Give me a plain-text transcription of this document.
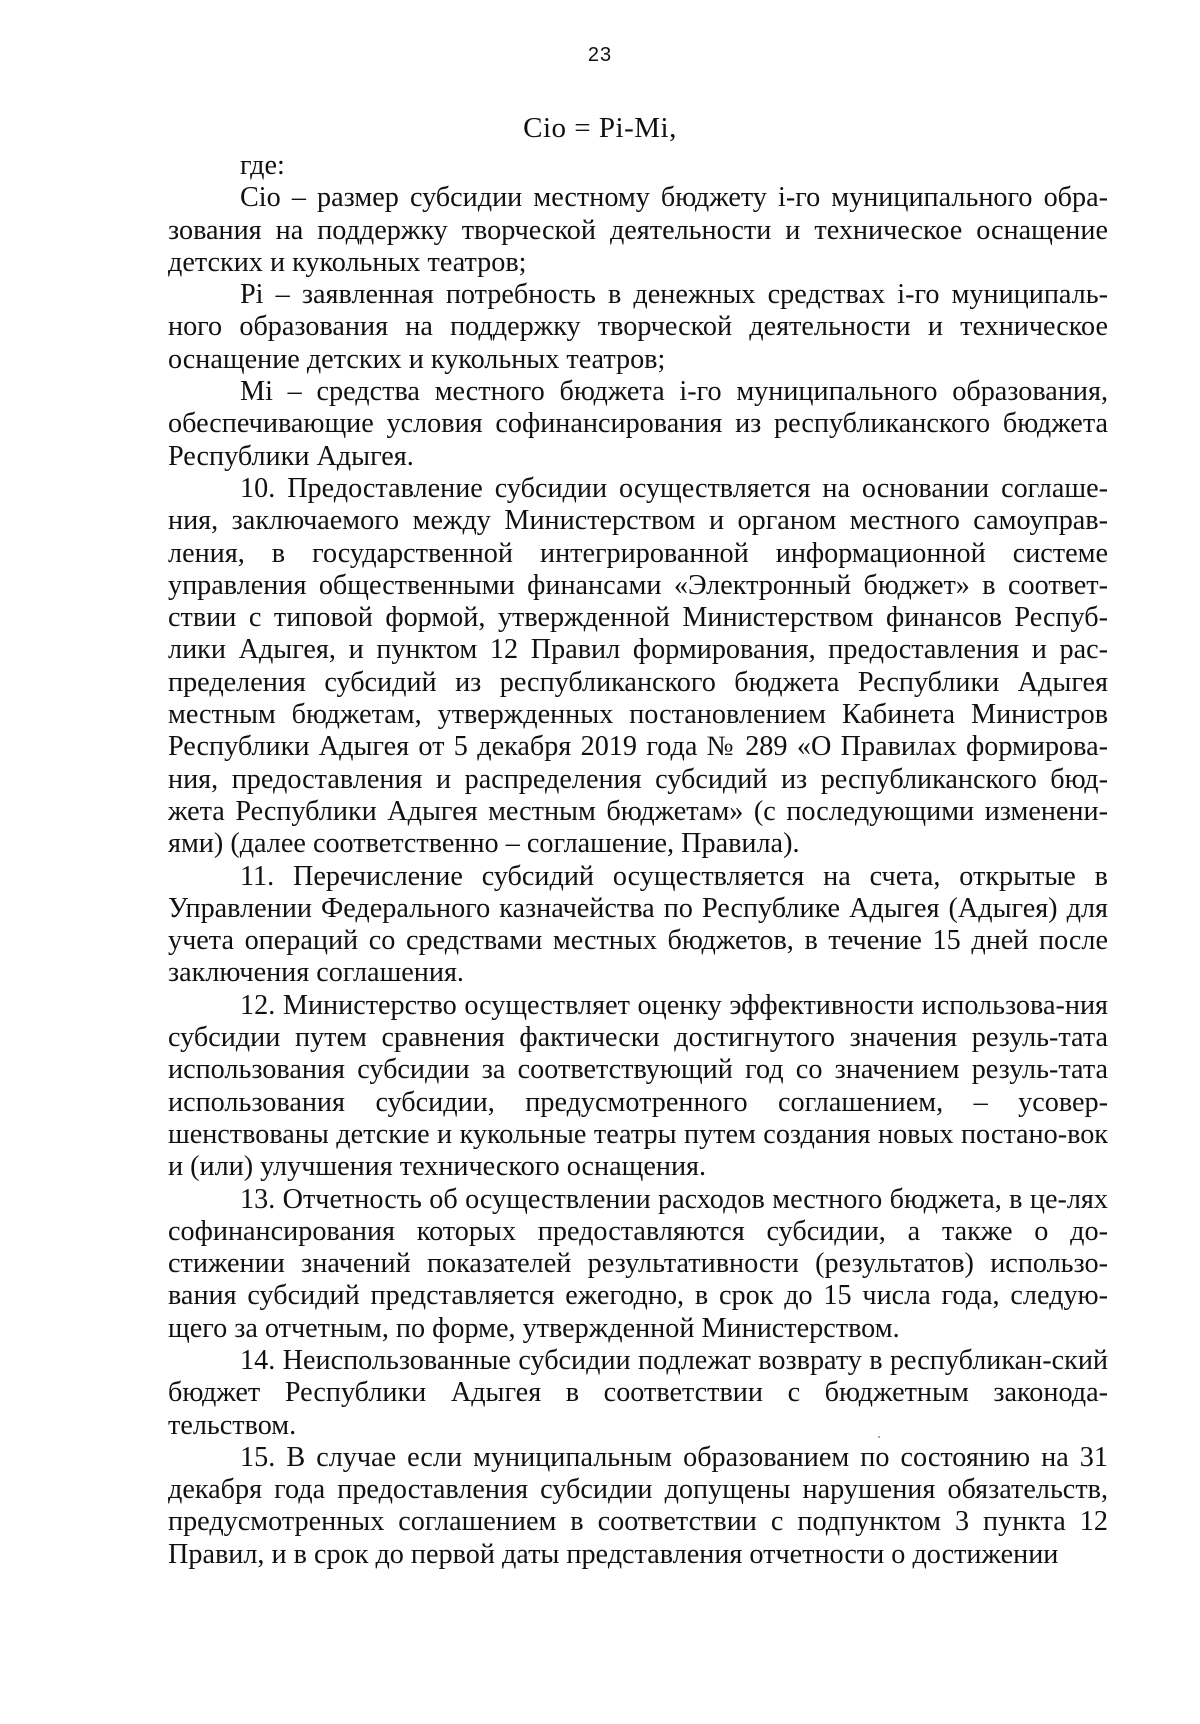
23
Cio = Pi-Mi,

где:

Cio – размер субсидии местному бюджету i-го муниципального обра-зования на поддержку творческой деятельности и техническое оснащение детских и кукольных театров;

Pi – заявленная потребность в денежных средствах i-го муниципаль-ного образования на поддержку творческой деятельности и техническое оснащение детских и кукольных театров;

Mi – средства местного бюджета i-го муниципального образования, обеспечивающие условия софинансирования из республиканского бюджета Республики Адыгея.

10. Предоставление субсидии осуществляется на основании соглаше-ния, заключаемого между Министерством и органом местного самоуправ-ления, в государственной интегрированной информационной системе управления общественными финансами «Электронный бюджет» в соответ-ствии с типовой формой, утвержденной Министерством финансов Респуб-лики Адыгея, и пунктом 12 Правил формирования, предоставления и рас-пределения субсидий из республиканского бюджета Республики Адыгея местным бюджетам, утвержденных постановлением Кабинета Министров Республики Адыгея от 5 декабря 2019 года № 289 «О Правилах формирова-ния, предоставления и распределения субсидий из республиканского бюд-жета Республики Адыгея местным бюджетам» (с последующими изменени-ями) (далее соответственно – соглашение, Правила).

11. Перечисление субсидий осуществляется на счета, открытые в Управлении Федерального казначейства по Республике Адыгея (Адыгея) для учета операций со средствами местных бюджетов, в течение 15 дней после заключения соглашения.

12. Министерство осуществляет оценку эффективности использова-ния субсидии путем сравнения фактически достигнутого значения резуль-тата использования субсидии за соответствующий год со значением резуль-тата использования субсидии, предусмотренного соглашением, – усовер-шенствованы детские и кукольные театры путем создания новых постано-вок и (или) улучшения технического оснащения.

13. Отчетность об осуществлении расходов местного бюджета, в це-лях софинансирования которых предоставляются субсидии, а также о до-стижении значений показателей результативности (результатов) использо-вания субсидий представляется ежегодно, в срок до 15 числа года, следую-щего за отчетным, по форме, утвержденной Министерством.

14. Неиспользованные субсидии подлежат возврату в республикан-ский бюджет Республики Адыгея в соответствии с бюджетным законода-тельством.

15. В случае если муниципальным образованием по состоянию на 31 декабря года предоставления субсидии допущены нарушения обязательств, предусмотренных соглашением в соответствии с подпунктом 3 пункта 12 Правил, и в срок до первой даты представления отчетности о достижении
